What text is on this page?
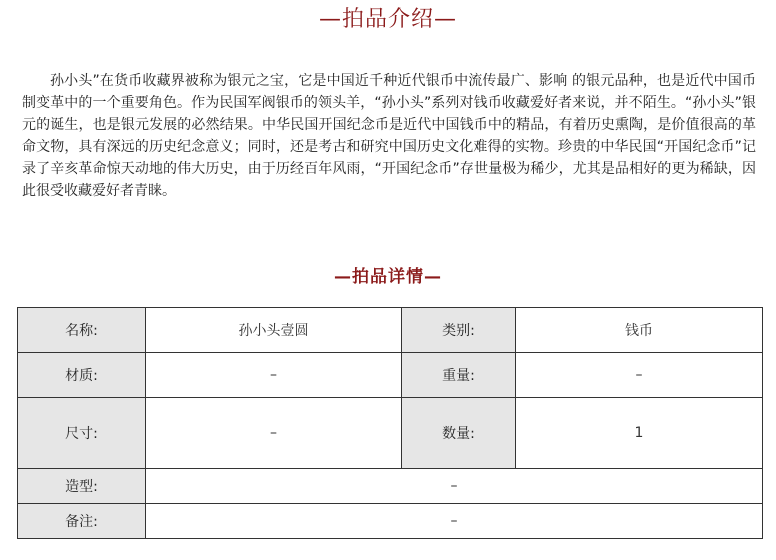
—拍品介绍—

孙小头”在货币收藏界被称为银元之宝，它是中国近千种近代银币中流传最广、影响 的银元品种，也是近代中国币制变革中的一个重要角色。作为民国军阀银币的领头羊，“孙小头”系列对钱币收藏爱好者来说，并不陌生。“孙小头”银元的诞生，也是银元发展的必然结果。中华民国开国纪念币是近代中国钱币中的精品，有着历史熏陶，是价值很高的革命文物，具有深远的历史纪念意义；同时，还是考古和研究中国历史文化难得的实物。珍贵的中华民国“开国纪念币”记录了辛亥革命惊天动地的伟大历史，由于历经百年风雨，“开国纪念币”存世量极为稀少，尤其是品相好的更为稀缺，因此很受收藏爱好者青睐。

—拍品详情—
名称:	孙小头壹圆	类别:	钱币
材质:	–	重量:	–
尺寸:	–	数量:	1
造型:	–		
备注:	–		
